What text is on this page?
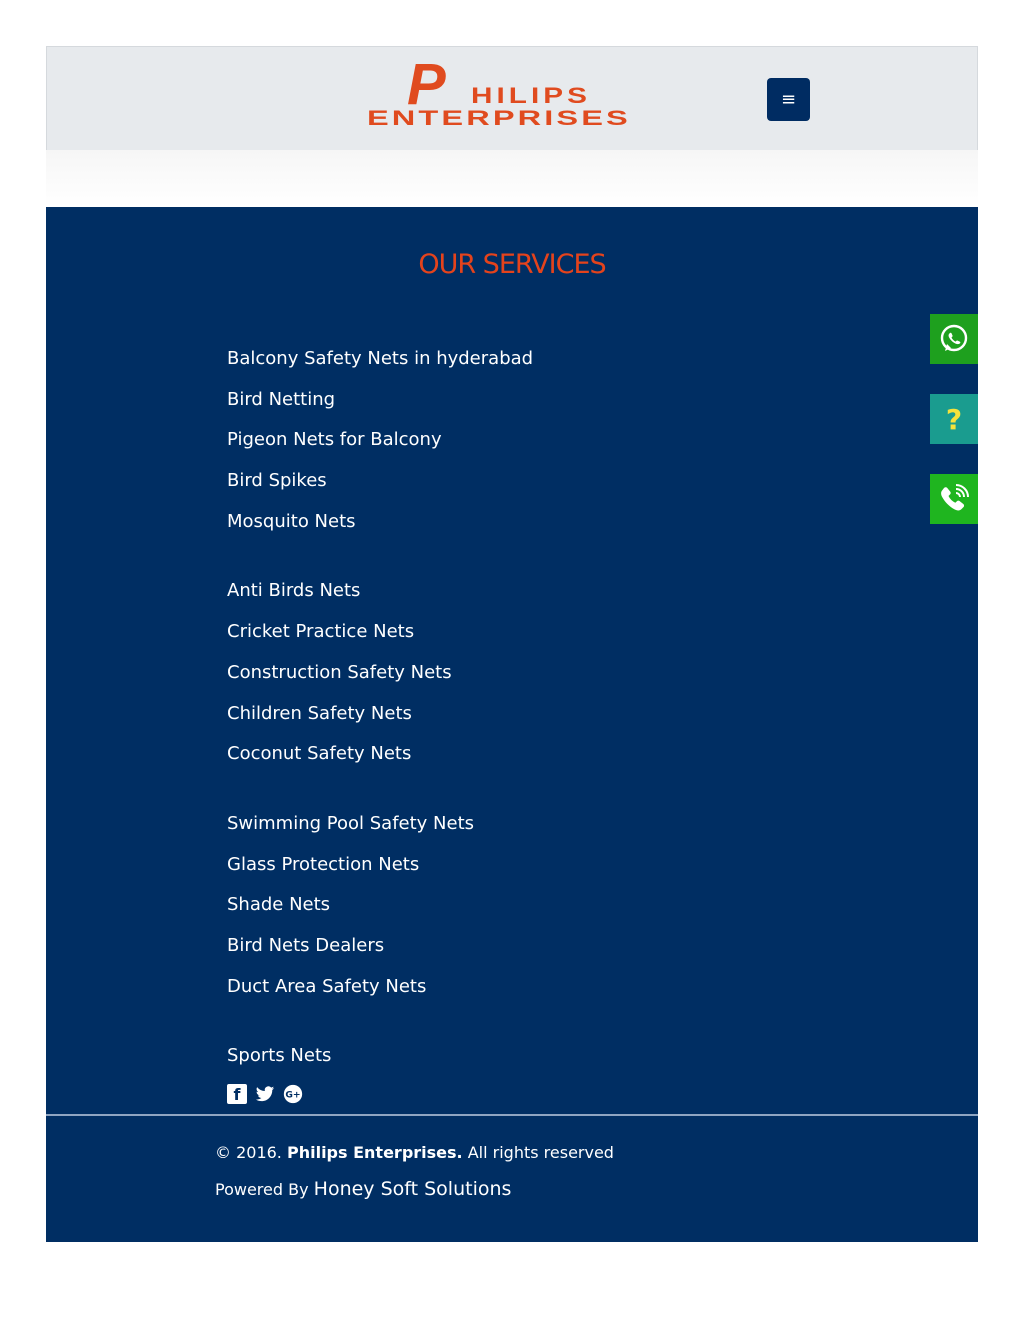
P HILIPS
ENTERPRISES
≡
OUR SERVICES
Balcony Safety Nets in hyderabad
Bird Netting
Pigeon Nets for Balcony
Bird Spikes
Mosquito Nets
Anti Birds Nets
Cricket Practice Nets
Construction Safety Nets
Children Safety Nets
Coconut Safety Nets
Swimming Pool Safety Nets
Glass Protection Nets
Shade Nets
Bird Nets Dealers
Duct Area Safety Nets
Sports Nets
f	G+
© 2016. Philips Enterprises. All rights reserved
Powered By Honey Soft Solutions
?
